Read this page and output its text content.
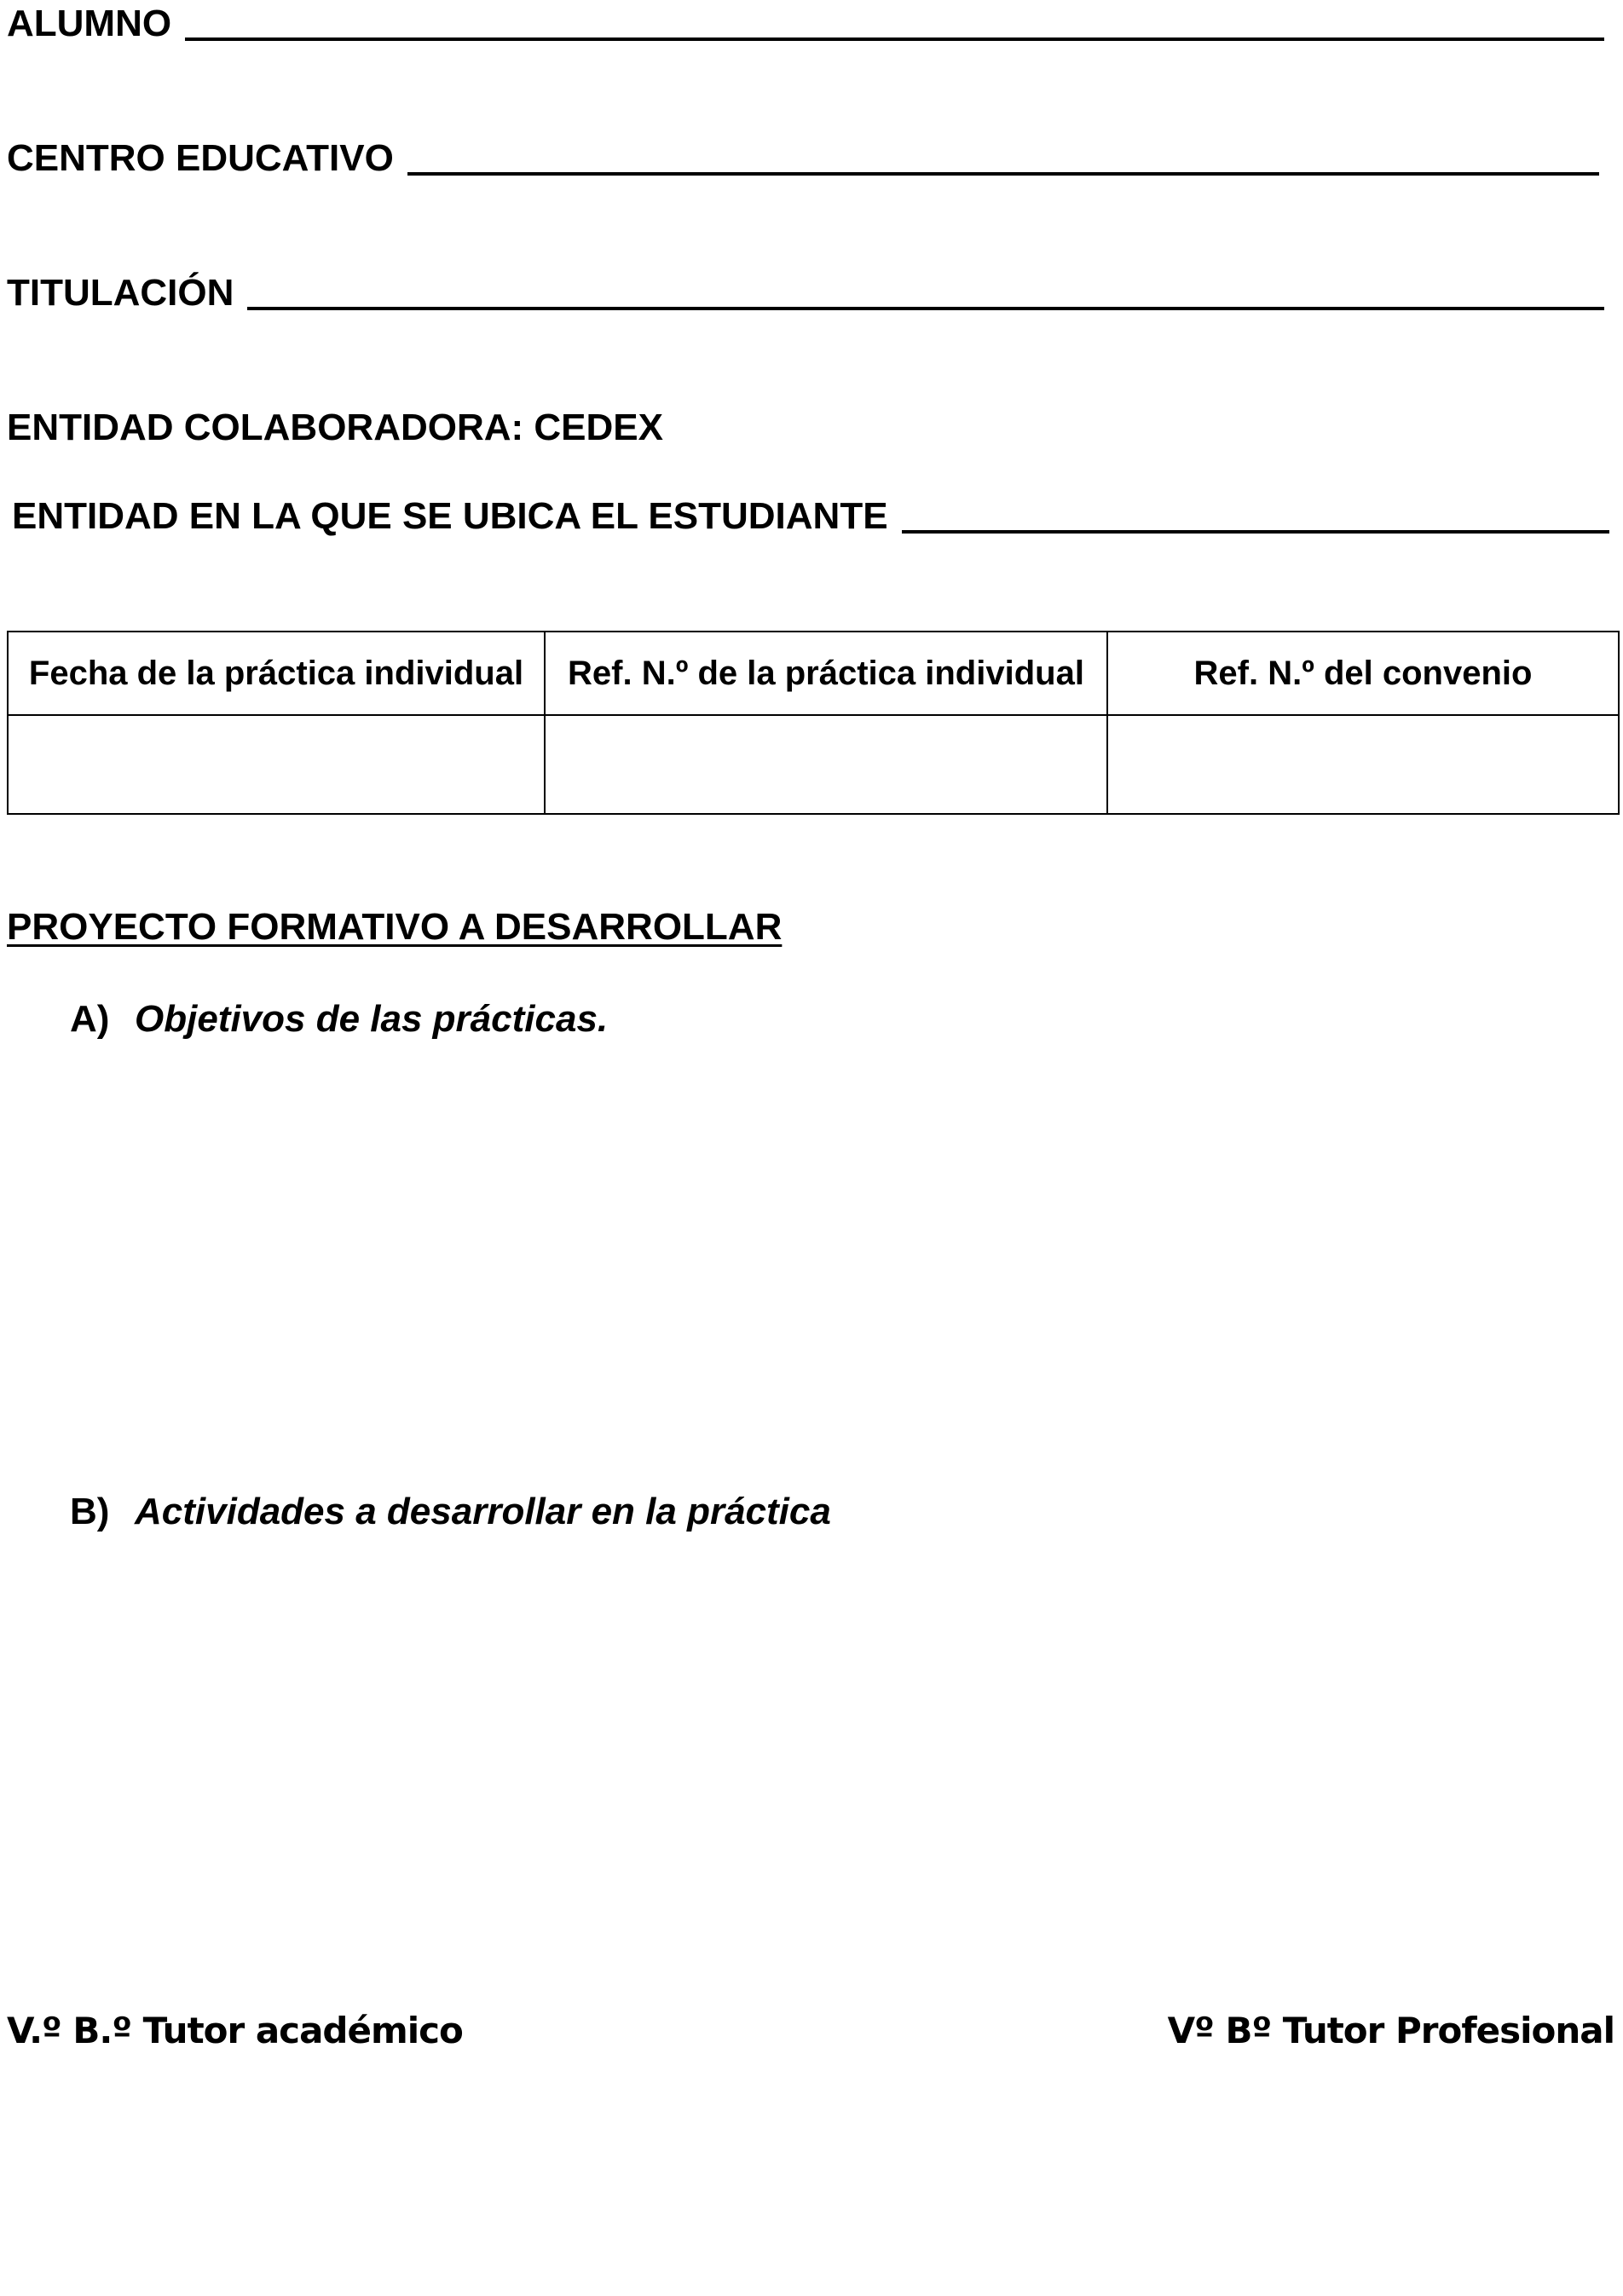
ALUMNO
CENTRO EDUCATIVO
TITULACIÓN
ENTIDAD COLABORADORA: CEDEX
ENTIDAD EN LA QUE SE UBICA EL ESTUDIANTE
Fecha de la práctica individual	Ref. N.º de la práctica individual	Ref. N.º del convenio

PROYECTO FORMATIVO A DESARROLLAR
A) Objetivos de las prácticas.
B) Actividades a desarrollar en la práctica
V.º B.º Tutor académico	Vº Bº Tutor Profesional
